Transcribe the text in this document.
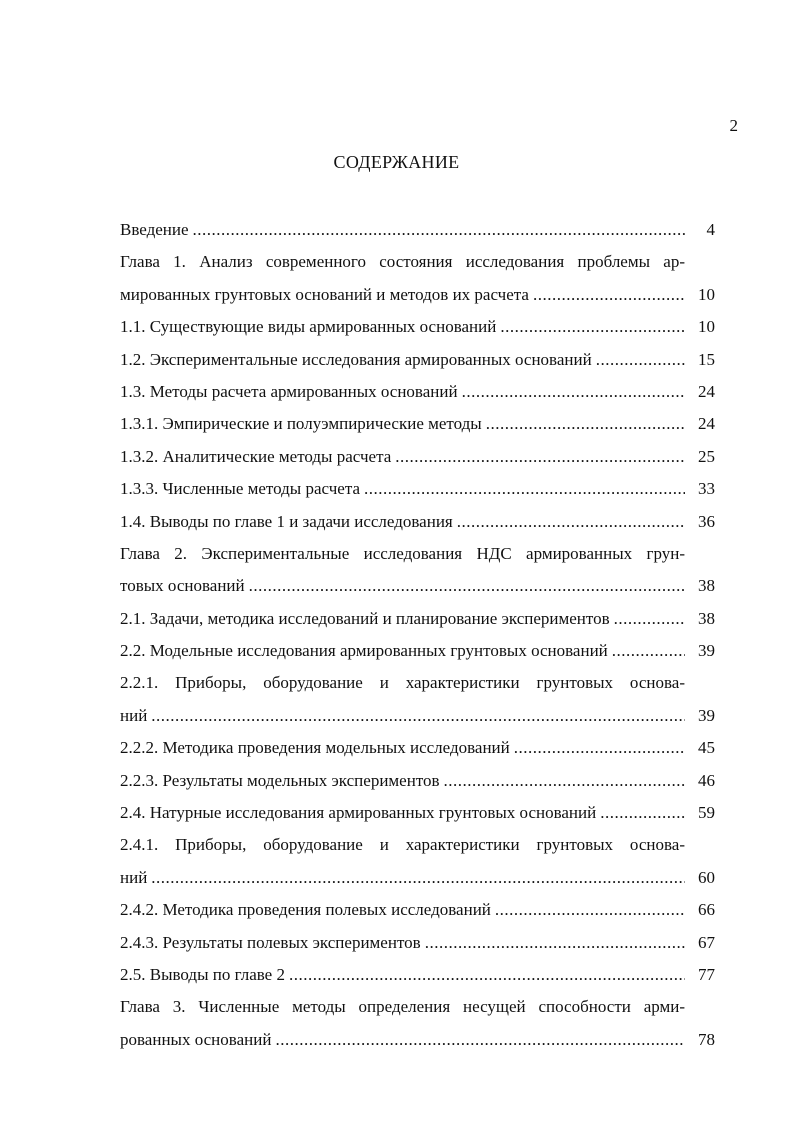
2
СОДЕРЖАНИЕ
Введение .....	4
Глава 1. Анализ современного состояния исследования проблемы ар-
мированных грунтовых оснований и методов их расчета .....	10
1.1. Существующие виды армированных оснований .....	10
1.2. Экспериментальные исследования армированных оснований .....	15
1.3. Методы расчета армированных оснований .....	24
1.3.1. Эмпирические и полуэмпирические методы .....	24
1.3.2. Аналитические методы расчета .....	25
1.3.3. Численные методы расчета .....	33
1.4. Выводы по главе 1 и задачи исследования .....	36
Глава 2. Экспериментальные исследования НДС армированных грун-
товых оснований .....	38
2.1. Задачи, методика исследований и планирование экспериментов .....	38
2.2. Модельные исследования армированных грунтовых оснований .....	39
2.2.1. Приборы, оборудование и характеристики грунтовых основа-
ний .....	39
2.2.2. Методика проведения модельных исследований .....	45
2.2.3. Результаты модельных экспериментов .....	46
2.4. Натурные исследования армированных грунтовых оснований .....	59
2.4.1. Приборы, оборудование и характеристики грунтовых основа-
ний .....	60
2.4.2. Методика проведения полевых исследований .....	66
2.4.3. Результаты полевых экспериментов .....	67
2.5. Выводы по главе 2 .....	77
Глава 3. Численные методы определения несущей способности арми-
рованных оснований .....	78
